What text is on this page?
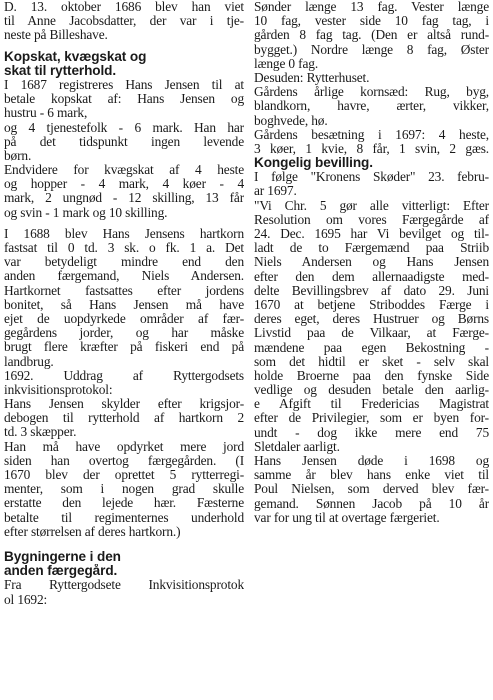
D. 13. oktober 1686 blev han viet
til Anne Jacobsdatter, der var i tje-
neste på Billeshave.
Kopskat, kvægskat og
skat til rytterhold.
I 1687 registreres Hans Jensen til at
betale kopskat af: Hans Jensen og
hustru - 6 mark,
og 4 tjenestefolk - 6 mark. Han har
på det tidspunkt ingen levende
børn.
Endvidere for kvægskat af 4 heste
og hopper - 4 mark, 4 køer - 4
mark, 2 ungnød - 12 skilling, 13 får
og svin - 1 mark og 10 skilling.
I 1688 blev Hans Jensens hartkorn
fastsat til 0 td. 3 sk. o fk. 1 a. Det
var betydeligt mindre end den
anden færgemand, Niels Andersen.
Hartkornet fastsattes efter jordens
bonitet, så Hans Jensen må have
ejet de uopdyrkede områder af fær-
gegårdens jorder, og har måske
brugt flere kræfter på fiskeri end på
landbrug.
1692. Uddrag af Ryttergodsets
inkvisitionsprotokol:
Hans Jensen skylder efter krigsjor-
debogen til rytterhold af hartkorn 2
td. 3 skæpper.
Han må have opdyrket mere jord
siden han overtog færgegården. (I
1670 blev der oprettet 5 rytterregi-
menter, som i nogen grad skulle
erstatte den lejede hær. Fæsterne
betalte til regimenternes underhold
efter størrelsen af deres hartkorn.)
Bygningerne i den
anden færgegård.
Fra Ryttergodsete Inkvisitionsprotok
ol 1692:
Sønder længe 13 fag. Vester længe
10 fag, vester side 10 fag tag, i
gården 8 fag tag. (Den er altså rund-
bygget.) Nordre længe 8 fag, Øster
længe 0 fag.
Desuden: Rytterhuset.
Gårdens årlige kornsæd: Rug, byg,
blandkorn, havre, ærter, vikker,
boghvede, hø.
Gårdens besætning i 1697: 4 heste,
3 køer, 1 kvie, 8 får, 1 svin, 2 gæs.
Kongelig bevilling.
I følge "Kronens Skøder" 23. febru-
ar 1697.
"Vi Chr. 5 gør alle vitterligt: Efter
Resolution om vores Færgegårde af
24. Dec. 1695 har Vi bevilget og til-
ladt de to Færgemænd paa Striib
Niels Andersen og Hans Jensen
efter den dem allernaadigste med-
delte Bevillingsbrev af dato 29. Juni
1670 at betjene Striboddes Færge i
deres eget, deres Hustruer og Børns
Livstid paa de Vilkaar, at Færge-
mændene paa egen Bekostning -
som det hidtil er sket - selv skal
holde Broerne paa den fynske Side
vedlige og desuden betale den aarlig-
e Afgift til Fredericias Magistrat
efter de Privilegier, som er byen for-
undt - dog ikke mere end 75
Sletdaler aarligt.
Hans Jensen døde i 1698 og
samme år blev hans enke viet til
Poul Nielsen, som derved blev fær-
gemand. Sønnen Jacob på 10 år
var for ung til at overtage færgeriet.
